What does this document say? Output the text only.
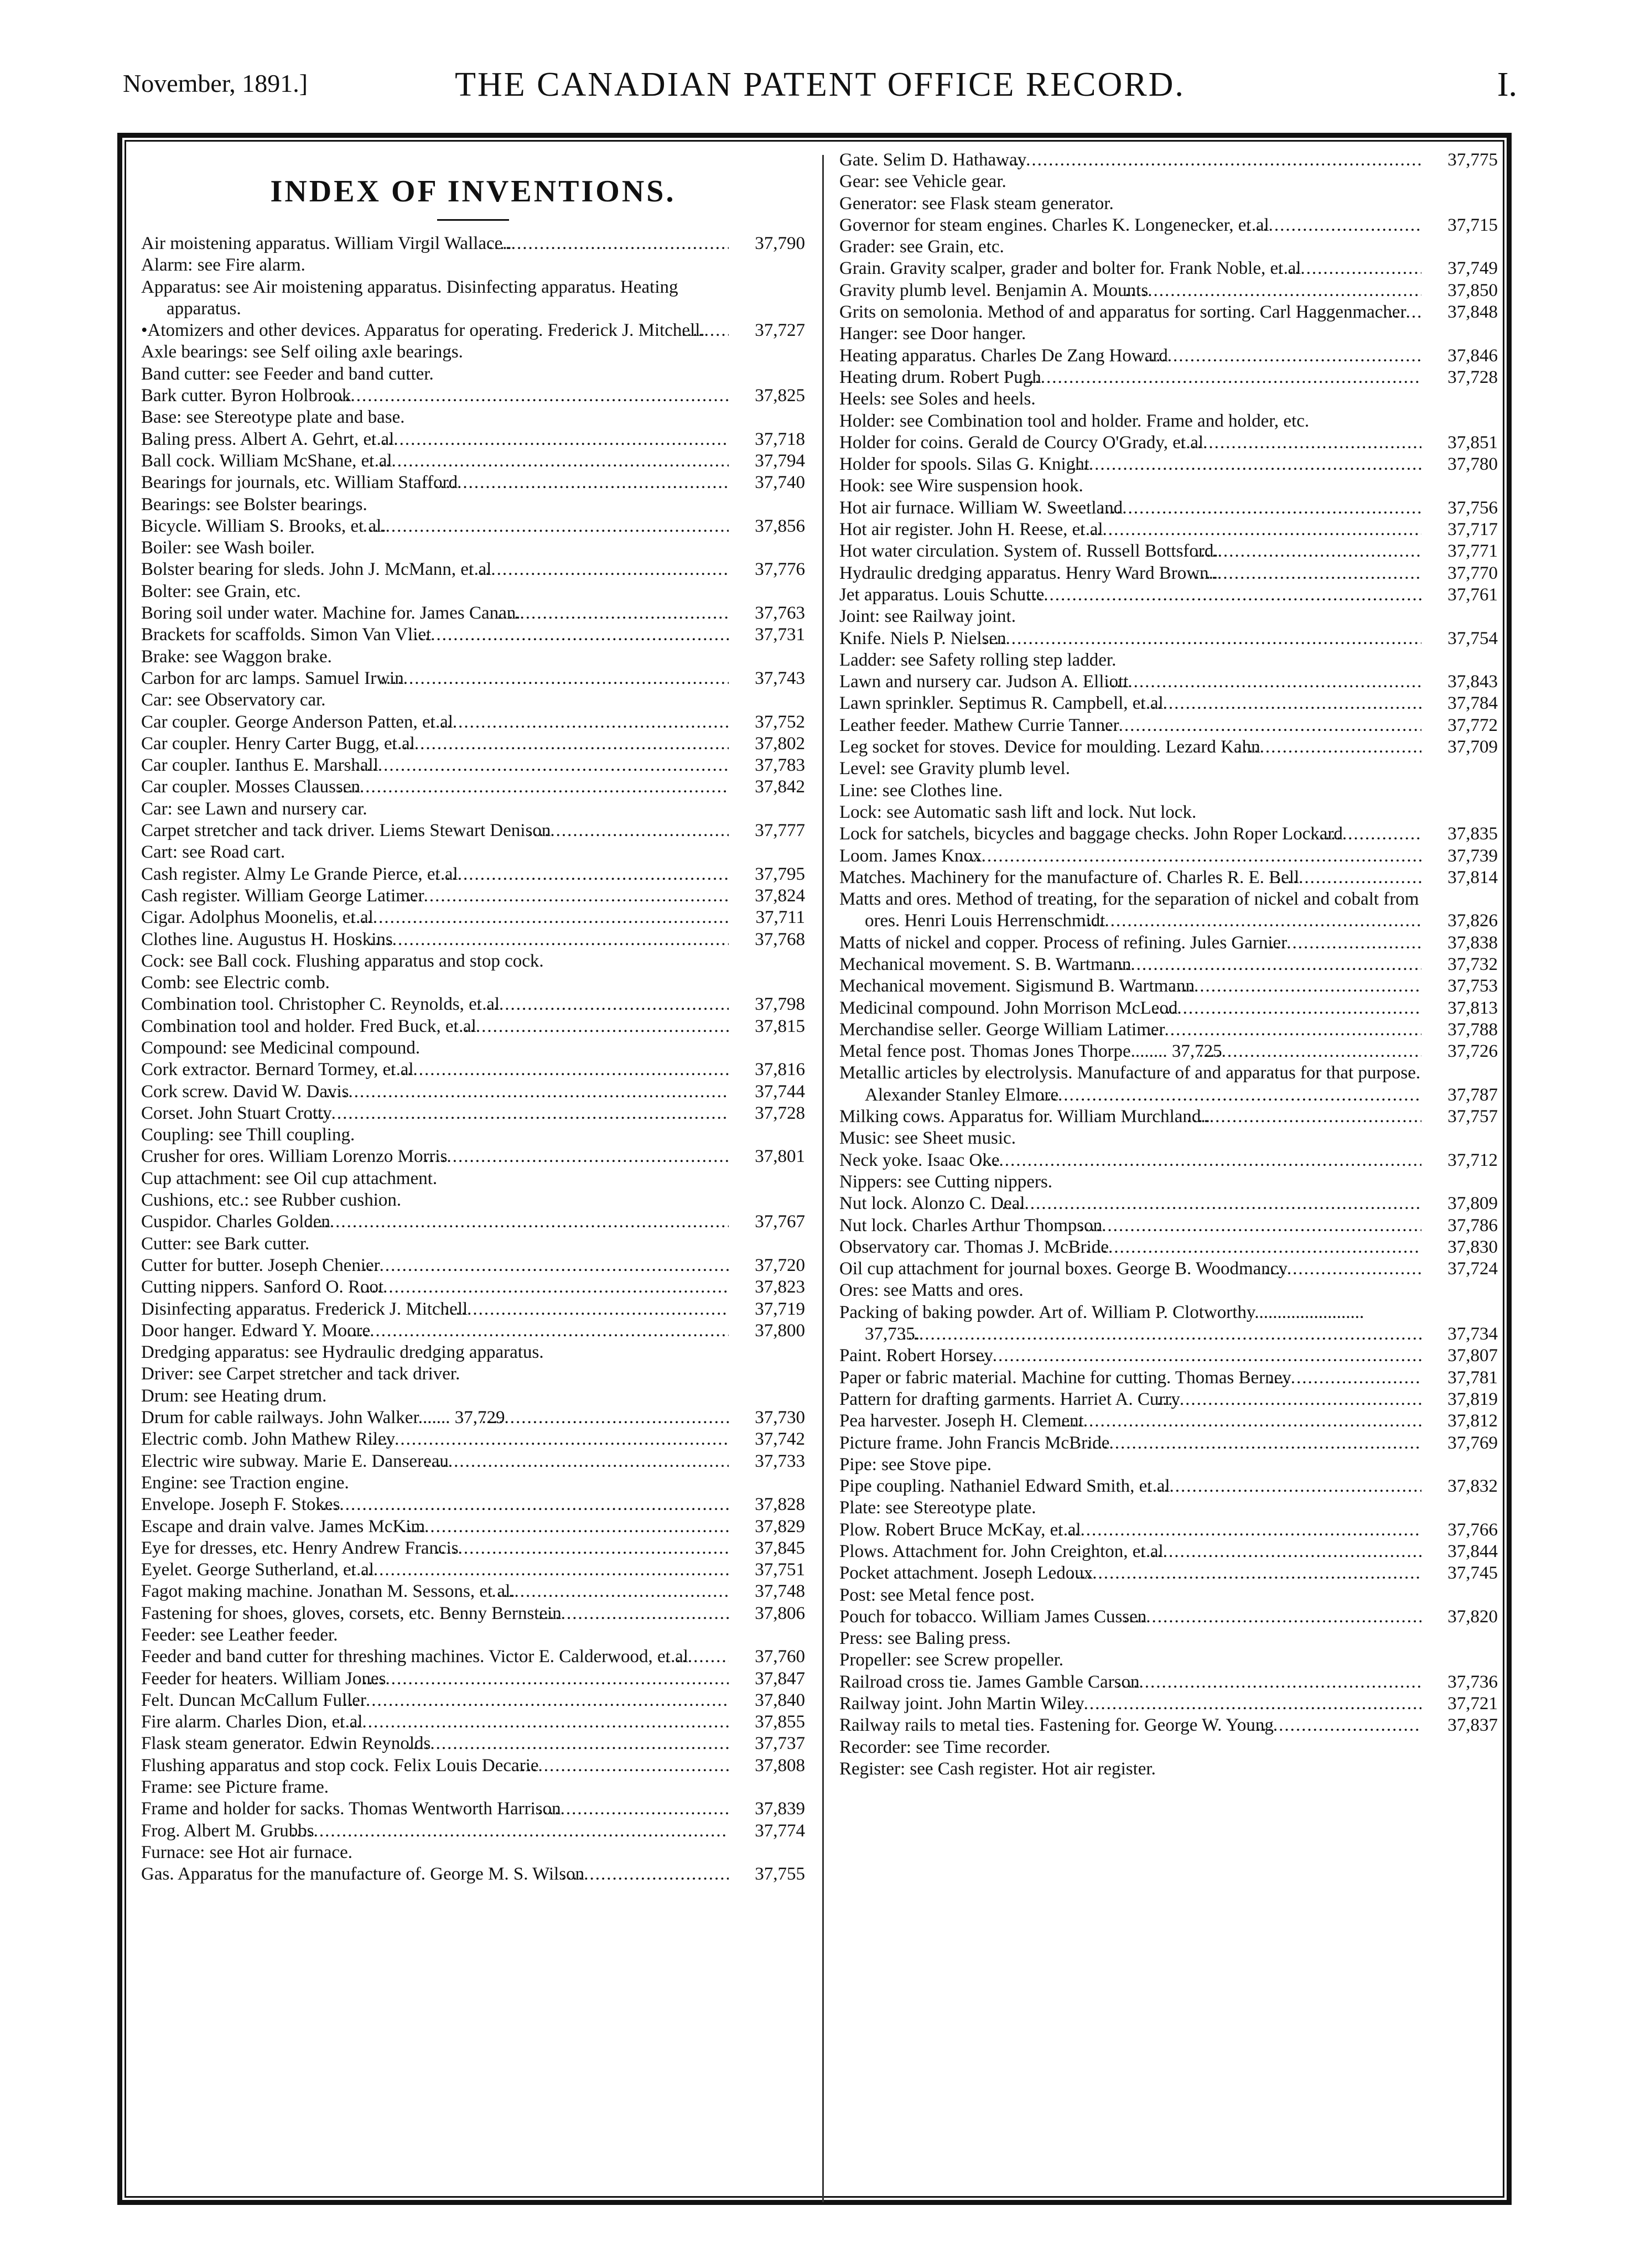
November, 1891.]	THE CANADIAN PATENT OFFICE RECORD.	I.
INDEX OF INVENTIONS.
Air moistening apparatus. William Virgil Wallace.. .....	37,790
Alarm: see Fire alarm.
Apparatus: see Air moistening apparatus. Disinfecting apparatus. Heating apparatus.
•Atomizers and other devices. Apparatus for operating. Frederick J. Mitchell. .....	37,727
Axle bearings: see Self oiling axle bearings.
Band cutter: see Feeder and band cutter.
Bark cutter. Byron Holbrook .....	37,825
Base: see Stereotype plate and base.
Baling press. Albert A. Gehrt, et al .....	37,718
Ball cock. William McShane, et al .....	37,794
Bearings for journals, etc. William Stafford .....	37,740
Bearings: see Bolster bearings.
Bicycle. William S. Brooks, et al. .....	37,856
Boiler: see Wash boiler.
Bolster bearing for sleds. John J. McMann, et al .....	37,776
Bolter: see Grain, etc.
Boring soil under water. Machine for. James Canan. .....	37,763
Brackets for scaffolds. Simon Van Vliet .....	37,731
Brake: see Waggon brake.
Carbon for arc lamps. Samuel Irwin .....	37,743
Car: see Observatory car.
Car coupler. George Anderson Patten, et al .....	37,752
Car coupler. Henry Carter Bugg, et al .....	37,802
Car coupler. Ianthus E. Marshall .....	37,783
Car coupler. Mosses Claussen .....	37,842
Car: see Lawn and nursery car.
Carpet stretcher and tack driver. Liems Stewart Denison .....	37,777
Cart: see Road cart.
Cash register. Almy Le Grande Pierce, et al .....	37,795
Cash register. William George Latimer .....	37,824
Cigar. Adolphus Moonelis, et al .....	37,711
Clothes line. Augustus H. Hoskins .....	37,768
Cock: see Ball cock. Flushing apparatus and stop cock.
Comb: see Electric comb.
Combination tool. Christopher C. Reynolds, et al .....	37,798
Combination tool and holder. Fred Buck, et al .....	37,815
Compound: see Medicinal compound.
Cork extractor. Bernard Tormey, et al .....	37,816
Cork screw. David W. Davis .....	37,744
Corset. John Stuart Crotty .....	37,728
Coupling: see Thill coupling.
Crusher for ores. William Lorenzo Morris .....	37,801
Cup attachment: see Oil cup attachment.
Cushions, etc.: see Rubber cushion.
Cuspidor. Charles Golden .....	37,767
Cutter: see Bark cutter.
Cutter for butter. Joseph Chenier .....	37,720
Cutting nippers. Sanford O. Root .....	37,823
Disinfecting apparatus. Frederick J. Mitchell .....	37,719
Door hanger. Edward Y. Moore .....	37,800
Dredging apparatus: see Hydraulic dredging apparatus.
Driver: see Carpet stretcher and tack driver.
Drum: see Heating drum.
Drum for cable railways. John Walker....... 37,729 .....	37,730
Electric comb. John Mathew Riley .....	37,742
Electric wire subway. Marie E. Dansereau .....	37,733
Engine: see Traction engine.
Envelope. Joseph F. Stokes .....	37,828
Escape and drain valve. James McKim .....	37,829
Eye for dresses, etc. Henry Andrew Francis .....	37,845
Eyelet. George Sutherland, et al .....	37,751
Fagot making machine. Jonathan M. Sessons, et al. .....	37,748
Fastening for shoes, gloves, corsets, etc. Benny Bernstein .....	37,806
Feeder: see Leather feeder.
Feeder and band cutter for threshing machines. Victor E. Calderwood, et al .....	37,760
Feeder for heaters. William Jones .....	37,847
Felt. Duncan McCallum Fuller .....	37,840
Fire alarm. Charles Dion, et al .....	37,855
Flask steam generator. Edwin Reynolds .....	37,737
Flushing apparatus and stop cock. Felix Louis Decarie .....	37,808
Frame: see Picture frame.
Frame and holder for sacks. Thomas Wentworth Harrison .....	37,839
Frog. Albert M. Grubbs .....	37,774
Furnace: see Hot air furnace.
Gas. Apparatus for the manufacture of. George M. S. Wilson .....	37,755
Gate. Selim D. Hathaway .....	37,775
Gear: see Vehicle gear.
Generator: see Flask steam generator.
Governor for steam engines. Charles K. Longenecker, et al .....	37,715
Grader: see Grain, etc.
Grain. Gravity scalper, grader and bolter for. Frank Noble, et al .....	37,749
Gravity plumb level. Benjamin A. Mounts .....	37,850
Grits on semolonia. Method of and apparatus for sorting. Carl Haggenmacher .....	37,848
Hanger: see Door hanger.
Heating apparatus. Charles De Zang Howard .....	37,846
Heating drum. Robert Pugh .....	37,728
Heels: see Soles and heels.
Holder: see Combination tool and holder. Frame and holder, etc.
Holder for coins. Gerald de Courcy O'Grady, et al .....	37,851
Holder for spools. Silas G. Knight .....	37,780
Hook: see Wire suspension hook.
Hot air furnace. William W. Sweetland .....	37,756
Hot air register. John H. Reese, et al .....	37,717
Hot water circulation. System of. Russell Bottsford. .....	37,771
Hydraulic dredging apparatus. Henry Ward Brown.. .....	37,770
Jet apparatus. Louis Schutte .....	37,761
Joint: see Railway joint.
Knife. Niels P. Nielsen .....	37,754
Ladder: see Safety rolling step ladder.
Lawn and nursery car. Judson A. Elliott .....	37,843
Lawn sprinkler. Septimus R. Campbell, et al .....	37,784
Leather feeder. Mathew Currie Tanner .....	37,772
Leg socket for stoves. Device for moulding. Lezard Kahn .....	37,709
Level: see Gravity plumb level.
Line: see Clothes line.
Lock: see Automatic sash lift and lock. Nut lock.
Lock for satchels, bicycles and baggage checks. John Roper Lockard .....	37,835
Loom. James Knox .....	37,739
Matches. Machinery for the manufacture of. Charles R. E. Bell .....	37,814
Matts and ores. Method of treating, for the separation of nickel and cobalt from ores. Henri Louis Herrenschmidt .....	37,826
Matts of nickel and copper. Process of refining. Jules Garnier .....	37,838
Mechanical movement. S. B. Wartmann .....	37,732
Mechanical movement. Sigismund B. Wartmann .....	37,753
Medicinal compound. John Morrison McLeod .....	37,813
Merchandise seller. George William Latimer .....	37,788
Metal fence post. Thomas Jones Thorpe........ 37,725 .....	37,726
Metallic articles by electrolysis. Manufacture of and apparatus for that purpose. Alexander Stanley Elmore .....	37,787
Milking cows. Apparatus for. William Murchland.. .....	37,757
Music: see Sheet music.
Neck yoke. Isaac Oke .....	37,712
Nippers: see Cutting nippers.
Nut lock. Alonzo C. Deal .....	37,809
Nut lock. Charles Arthur Thompson .....	37,786
Observatory car. Thomas J. McBride .....	37,830
Oil cup attachment for journal boxes. George B. Woodmancy .....	37,724
Ores: see Matts and ores.
Packing of baking powder. Art of. William P. Clotworthy........................ 37,735. .....	37,734
Paint. Robert Horsey .....	37,807
Paper or fabric material. Machine for cutting. Thomas Berney .....	37,781
Pattern for drafting garments. Harriet A. Curry .....	37,819
Pea harvester. Joseph H. Clement .....	37,812
Picture frame. John Francis McBride .....	37,769
Pipe: see Stove pipe.
Pipe coupling. Nathaniel Edward Smith, et al .....	37,832
Plate: see Stereotype plate.
Plow. Robert Bruce McKay, et al .....	37,766
Plows. Attachment for. John Creighton, et al .....	37,844
Pocket attachment. Joseph Ledoux .....	37,745
Post: see Metal fence post.
Pouch for tobacco. William James Cussen .....	37,820
Press: see Baling press.
Propeller: see Screw propeller.
Railroad cross tie. James Gamble Carson .....	37,736
Railway joint. John Martin Wiley .....	37,721
Railway rails to metal ties. Fastening for. George W. Young .....	37,837
Recorder: see Time recorder.
Register: see Cash register. Hot air register.
